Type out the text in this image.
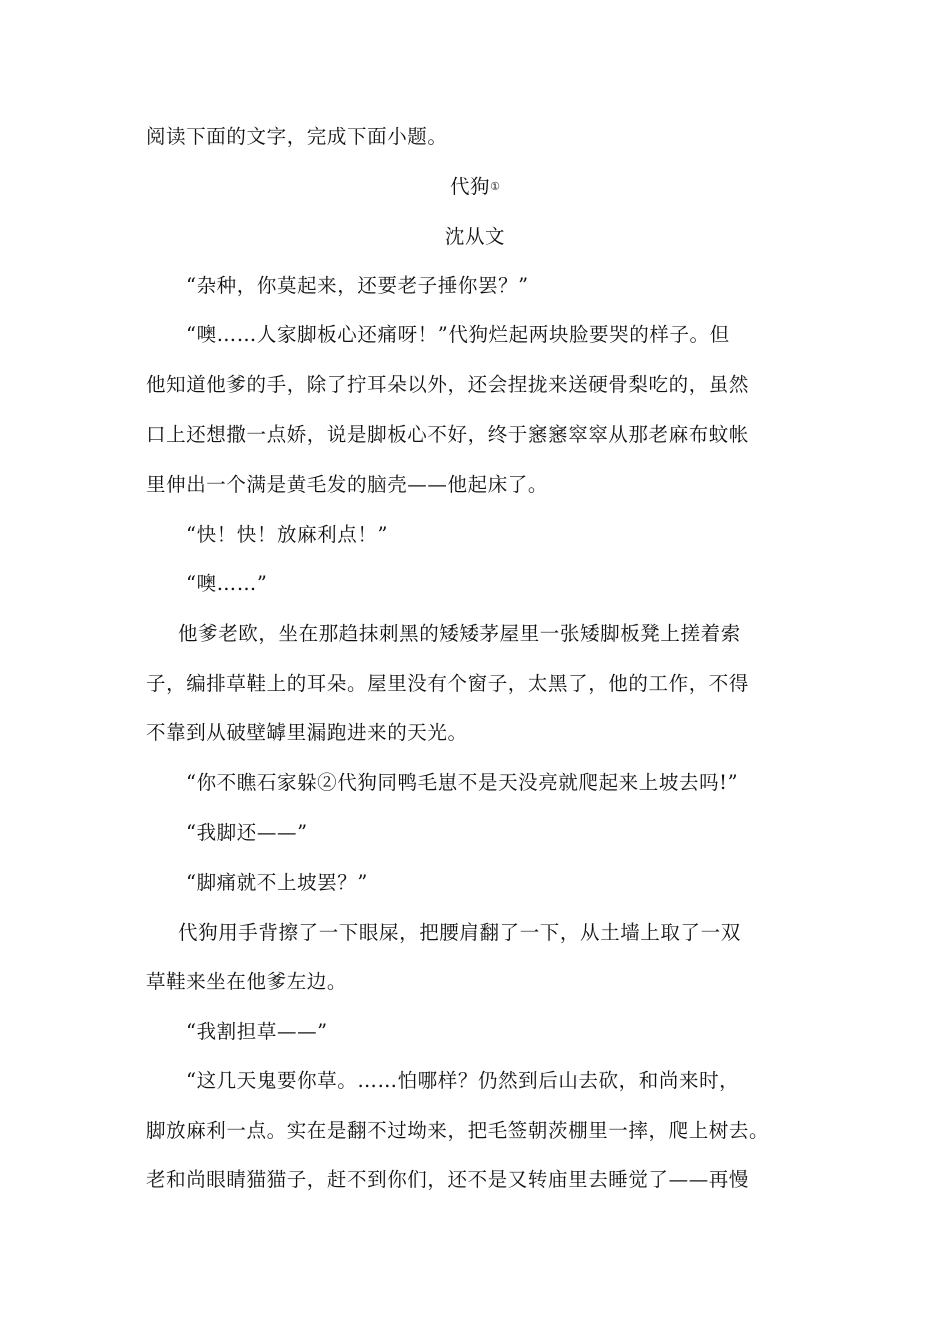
阅读下面的文字，完成下面小题。
代狗①
沈从文
“杂种，你莫起来，还要老子捶你罢？”
“噢……人家脚板心还痛呀！”代狗烂起两块脸要哭的样子。但
他知道他爹的手，除了拧耳朵以外，还会捏拢来送硬骨梨吃的，虽然
口上还想撒一点娇，说是脚板心不好，终于窸窸窣窣从那老麻布蚊帐
里伸出一个满是黄毛发的脑壳——他起床了。
“快！快！放麻利点！”
“噢……”
他爹老欧，坐在那趋抹刺黑的矮矮茅屋里一张矮脚板凳上搓着索
子，编排草鞋上的耳朵。屋里没有个窗子，太黑了，他的工作，不得
不靠到从破壁罅里漏跑进来的天光。
“你不瞧石家躲②代狗同鸭毛崽不是天没亮就爬起来上坡去吗!”
“我脚还——”
“脚痛就不上坡罢？”
代狗用手背擦了一下眼屎，把腰肩翻了一下，从土墙上取了一双
草鞋来坐在他爹左边。
“我割担草——”
“这几天鬼要你草。……怕哪样？仍然到后山去砍，和尚来时，
脚放麻利一点。实在是翻不过坳来，把毛签朝茨棚里一摔，爬上树去。
老和尚眼睛猫猫子，赶不到你们，还不是又转庙里去睡觉了——再慢
